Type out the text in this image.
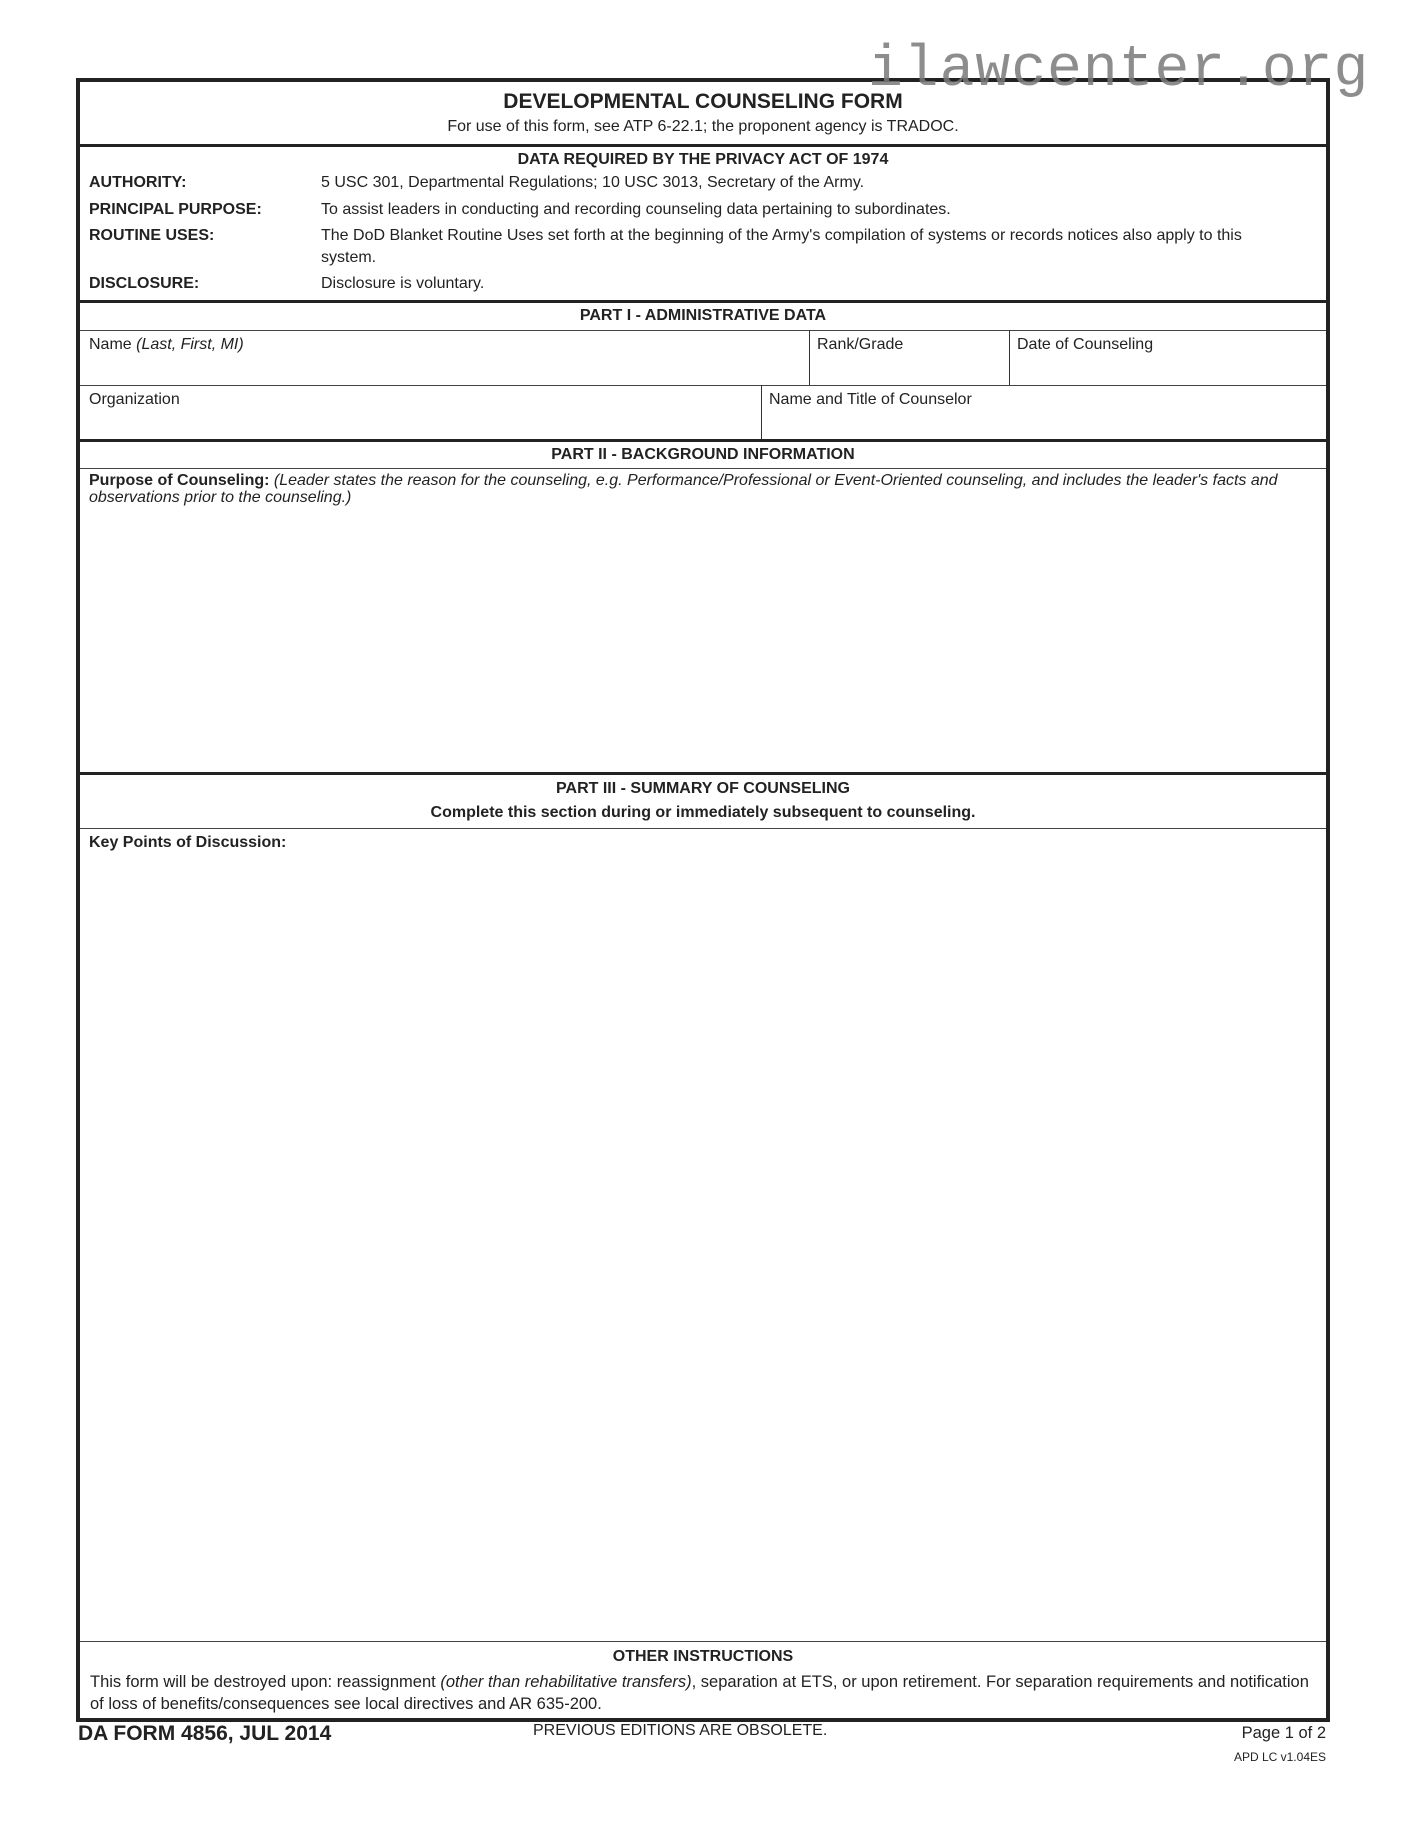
ilawcenter.org
DEVELOPMENTAL COUNSELING FORM
For use of this form, see ATP 6-22.1; the proponent agency is TRADOC.
DATA REQUIRED BY THE PRIVACY ACT OF 1974
AUTHORITY:	5 USC 301, Departmental Regulations; 10 USC 3013, Secretary of the Army.
PRINCIPAL PURPOSE:	To assist leaders in conducting and recording counseling data pertaining to subordinates.
ROUTINE USES:	The DoD Blanket Routine Uses set forth at the beginning of the Army's compilation of systems or records notices also apply to this system.
DISCLOSURE:	Disclosure is voluntary.
PART I - ADMINISTRATIVE DATA
Name (Last, First, MI)	Rank/Grade	Date of Counseling
Organization	Name and Title of Counselor
PART II - BACKGROUND INFORMATION
Purpose of Counseling: (Leader states the reason for the counseling, e.g. Performance/Professional or Event-Oriented counseling, and includes the leader's facts and observations prior to the counseling.)
PART III - SUMMARY OF COUNSELING
Complete this section during or immediately subsequent to counseling.
Key Points of Discussion:
OTHER INSTRUCTIONS
This form will be destroyed upon: reassignment (other than rehabilitative transfers), separation at ETS, or upon retirement. For separation requirements and notification of loss of benefits/consequences see local directives and AR 635-200.
DA FORM 4856, JUL 2014	PREVIOUS EDITIONS ARE OBSOLETE.	Page 1 of 2
APD LC v1.04ES
